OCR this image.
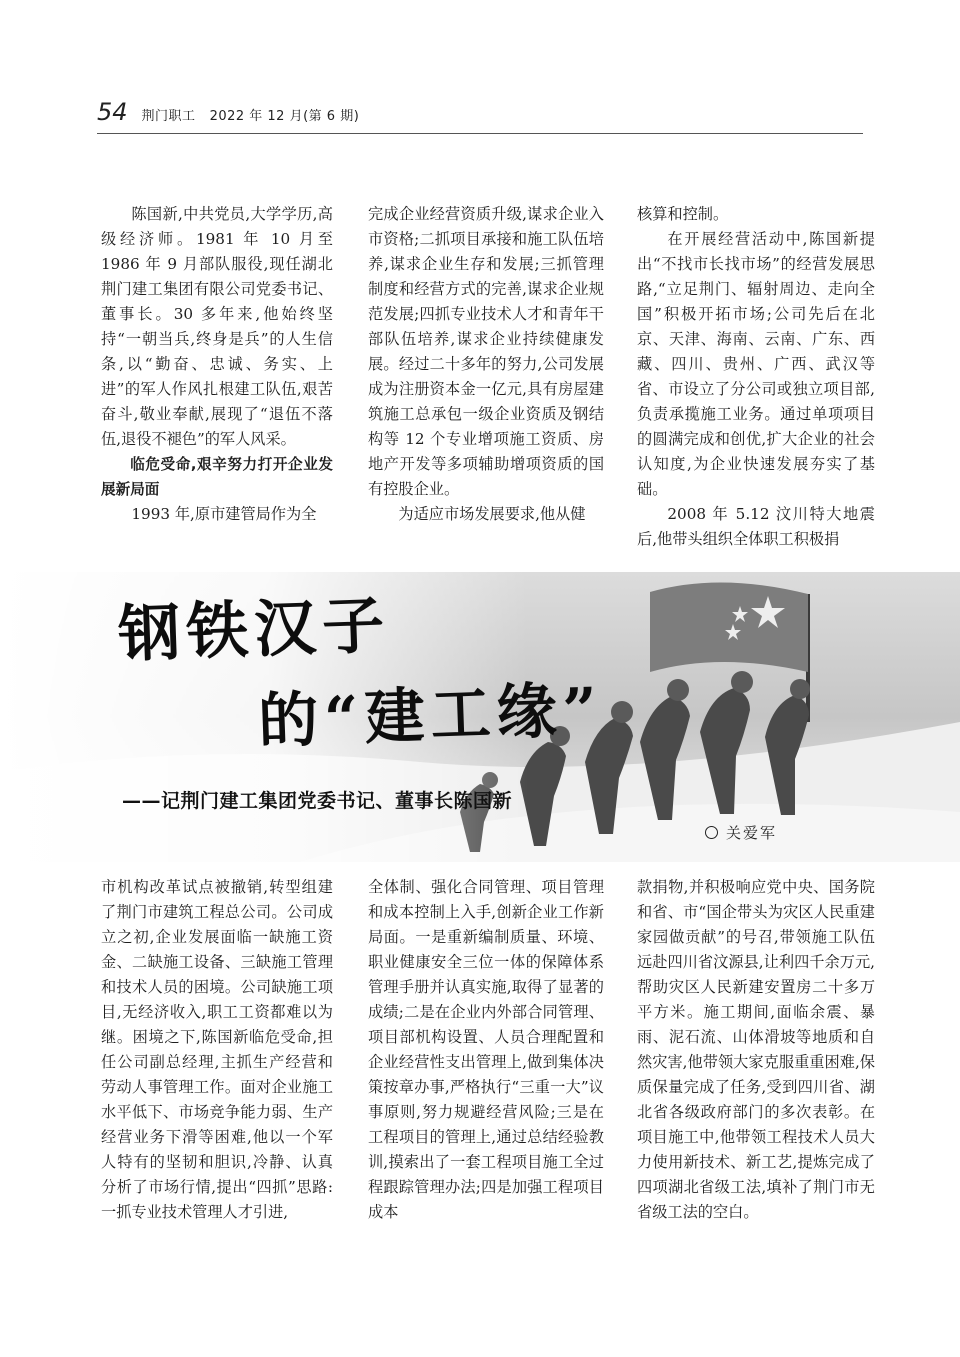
54 荆门职工 2022 年 12 月(第 6 期)

陈国新,中共党员,大学学历,高级经济师。1981 年 10 月至 1986 年 9 月部队服役,现任湖北荆门建工集团有限公司党委书记、董事长。30 多年来,他始终坚持“一朝当兵,终身是兵”的人生信条,以“勤奋、忠诚、务实、上进”的军人作风扎根建工队伍,艰苦奋斗,敬业奉献,展现了“退伍不落伍,退役不褪色”的军人风采。

临危受命,艰辛努力打开企业发展新局面

1993 年,原市建管局作为全

完成企业经营资质升级,谋求企业入市资格;二抓项目承接和施工队伍培养,谋求企业生存和发展;三抓管理制度和经营方式的完善,谋求企业规范发展;四抓专业技术人才和青年干部队伍培养,谋求企业持续健康发展。经过二十多年的努力,公司发展成为注册资本金一亿元,具有房屋建筑施工总承包一级企业资质及钢结构等 12 个专业增项施工资质、房地产开发等多项辅助增项资质的国有控股企业。

为适应市场发展要求,他从健

核算和控制。

在开展经营活动中,陈国新提出“不找市长找市场”的经营发展思路,“立足荆门、辐射周边、走向全国”积极开拓市场;公司先后在北京、天津、海南、云南、广东、西藏、四川、贵州、广西、武汉等省、市设立了分公司或独立项目部,负责承揽施工业务。通过单项项目的圆满完成和创优,扩大企业的社会认知度,为企业快速发展夯实了基础。

2008 年 5.12 汶川特大地震后,他带头组织全体职工积极捐

钢铁汉子
的“建工缘”
——记荆门建工集团党委书记、董事长陈国新
关爱军

市机构改革试点被撤销,转型组建了荆门市建筑工程总公司。公司成立之初,企业发展面临一缺施工资金、二缺施工设备、三缺施工管理和技术人员的困境。公司缺施工项目,无经济收入,职工工资都难以为继。困境之下,陈国新临危受命,担任公司副总经理,主抓生产经营和劳动人事管理工作。面对企业施工水平低下、市场竞争能力弱、生产经营业务下滑等困难,他以一个军人特有的坚韧和胆识,冷静、认真分析了市场行情,提出“四抓”思路:一抓专业技术管理人才引进,

全体制、强化合同管理、项目管理和成本控制上入手,创新企业工作新局面。一是重新编制质量、环境、职业健康安全三位一体的保障体系管理手册并认真实施,取得了显著的成绩;二是在企业内外部合同管理、项目部机构设置、人员合理配置和企业经营性支出管理上,做到集体决策按章办事,严格执行“三重一大”议事原则,努力规避经营风险;三是在工程项目的管理上,通过总结经验教训,摸索出了一套工程项目施工全过程跟踪管理办法;四是加强工程项目成本

款捐物,并积极响应党中央、国务院和省、市“国企带头为灾区人民重建家园做贡献”的号召,带领施工队伍远赴四川省汶源县,让利四千余万元,帮助灾区人民新建安置房二十多万平方米。施工期间,面临余震、暴雨、泥石流、山体滑坡等地质和自然灾害,他带领大家克服重重困难,保质保量完成了任务,受到四川省、湖北省各级政府部门的多次表彰。在项目施工中,他带领工程技术人员大力使用新技术、新工艺,提炼完成了四项湖北省级工法,填补了荆门市无省级工法的空白。
